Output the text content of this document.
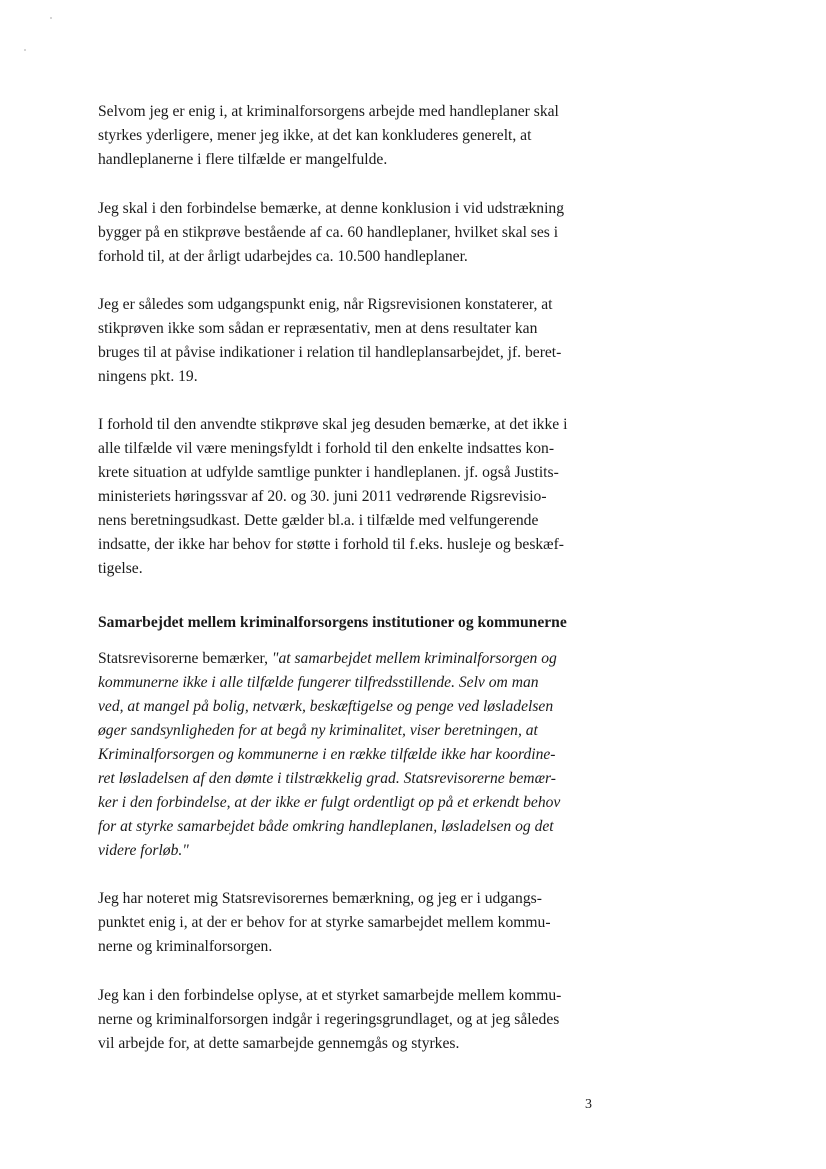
Selvom jeg er enig i, at kriminalforsorgens arbejde med handleplaner skal
styrkes yderligere, mener jeg ikke, at det kan konkluderes generelt, at
handleplanerne i flere tilfælde er mangelfulde.

Jeg skal i den forbindelse bemærke, at denne konklusion i vid udstrækning
bygger på en stikprøve bestående af ca. 60 handleplaner, hvilket skal ses i
forhold til, at der årligt udarbejdes ca. 10.500 handleplaner.

Jeg er således som udgangspunkt enig, når Rigsrevisionen konstaterer, at
stikprøven ikke som sådan er repræsentativ, men at dens resultater kan
bruges til at påvise indikationer i relation til handleplansarbejdet, jf. beret-
ningens pkt. 19.

I forhold til den anvendte stikprøve skal jeg desuden bemærke, at det ikke i
alle tilfælde vil være meningsfyldt i forhold til den enkelte indsattes kon-
krete situation at udfylde samtlige punkter i handleplanen. jf. også Justits-
ministeriets høringssvar af 20. og 30. juni 2011 vedrørende Rigsrevisio-
nens beretningsudkast. Dette gælder bl.a. i tilfælde med velfungerende
indsatte, der ikke har behov for støtte i forhold til f.eks. husleje og beskæf-
tigelse.

Samarbejdet mellem kriminalforsorgens institutioner og kommunerne

Statsrevisorerne bemærker, "at samarbejdet mellem kriminalforsorgen og
kommunerne ikke i alle tilfælde fungerer tilfredsstillende. Selv om man
ved, at mangel på bolig, netværk, beskæftigelse og penge ved løsladelsen
øger sandsynligheden for at begå ny kriminalitet, viser beretningen, at
Kriminalforsorgen og kommunerne i en række tilfælde ikke har koordine-
ret løsladelsen af den dømte i tilstrækkelig grad. Statsrevisorerne bemær-
ker i den forbindelse, at der ikke er fulgt ordentligt op på et erkendt behov
for at styrke samarbejdet både omkring handleplanen, løsladelsen og det
videre forløb."

Jeg har noteret mig Statsrevisorernes bemærkning, og jeg er i udgangs-
punktet enig i, at der er behov for at styrke samarbejdet mellem kommu-
nerne og kriminalforsorgen.

Jeg kan i den forbindelse oplyse, at et styrket samarbejde mellem kommu-
nerne og kriminalforsorgen indgår i regeringsgrundlaget, og at jeg således
vil arbejde for, at dette samarbejde gennemgås og styrkes.

3
